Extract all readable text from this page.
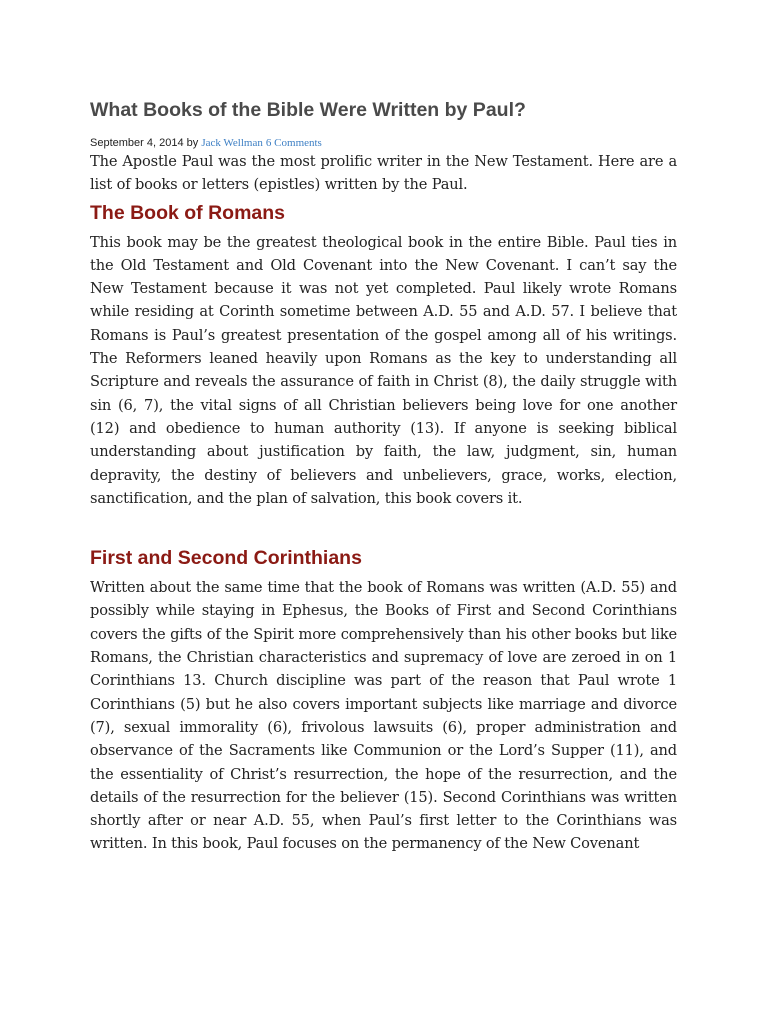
What Books of the Bible Were Written by Paul?
September 4, 2014 by Jack Wellman 6 Comments

The Apostle Paul was the most prolific writer in the New Testament. Here are a list of books or letters (epistles) written by the Paul.

The Book of Romans

This book may be the greatest theological book in the entire Bible. Paul ties in the Old Testament and Old Covenant into the New Covenant. I can’t say the New Testament because it was not yet completed. Paul likely wrote Romans while residing at Corinth sometime between A.D. 55 and A.D. 57. I believe that Romans is Paul’s greatest presentation of the gospel among all of his writings. The Reformers leaned heavily upon Romans as the key to understanding all Scripture and reveals the assurance of faith in Christ (8), the daily struggle with sin (6, 7), the vital signs of all Christian believers being love for one another (12) and obedience to human authority (13). If anyone is seeking biblical understanding about justification by faith, the law, judgment, sin, human depravity, the destiny of believers and unbelievers, grace, works, election, sanctification, and the plan of salvation, this book covers it.

First and Second Corinthians

Written about the same time that the book of Romans was written (A.D. 55) and possibly while staying in Ephesus, the Books of First and Second Corinthians covers the gifts of the Spirit more comprehensively than his other books but like Romans, the Christian characteristics and supremacy of love are zeroed in on 1 Corinthians 13. Church discipline was part of the reason that Paul wrote 1 Corinthians (5) but he also covers important subjects like marriage and divorce (7), sexual immorality (6), frivolous lawsuits (6), proper administration and observance of the Sacraments like Communion or the Lord’s Supper (11), and the essentiality of Christ’s resurrection, the hope of the resurrection, and the details of the resurrection for the believer (15). Second Corinthians was written shortly after or near A.D. 55, when Paul’s first letter to the Corinthians was written. In this book, Paul focuses on the permanency of the New Covenant
